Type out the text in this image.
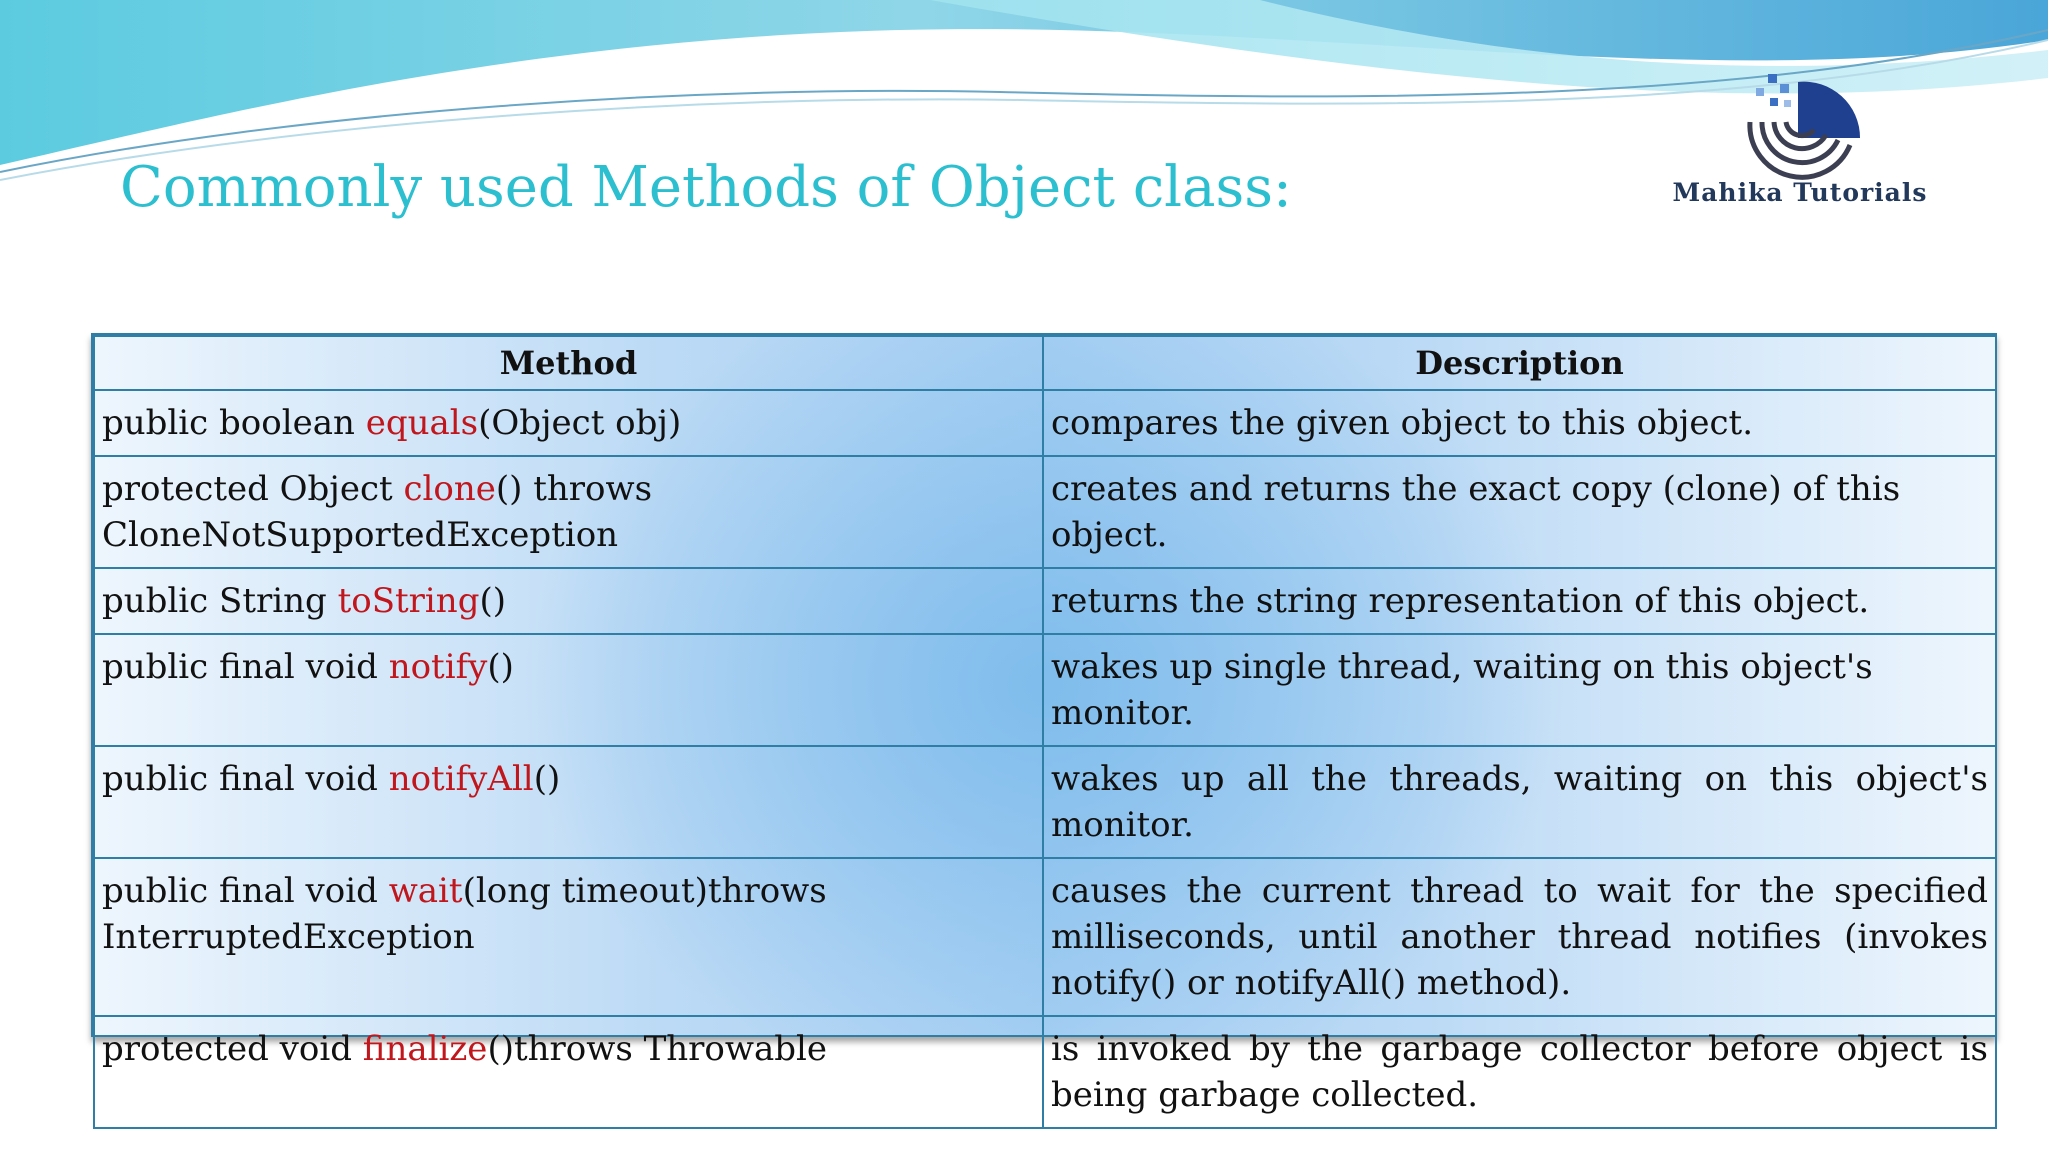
Commonly used Methods of Object class:	Mahika Tutorials
Method	Description
public boolean equals(Object obj)	compares the given object to this object.
protected Object clone() throws CloneNotSupportedException	creates and returns the exact copy (clone) of this object.
public String toString()	returns the string representation of this object.
public final void notify()	wakes up single thread, waiting on this object's monitor.
public final void notifyAll()	wakes up all the threads, waiting on this object's monitor.
public final void wait(long timeout)throws InterruptedException	causes the current thread to wait for the specified milliseconds, until another thread notifies (invokes notify() or notifyAll() method).
protected void finalize()throws Throwable	is invoked by the garbage collector before object is being garbage collected.
